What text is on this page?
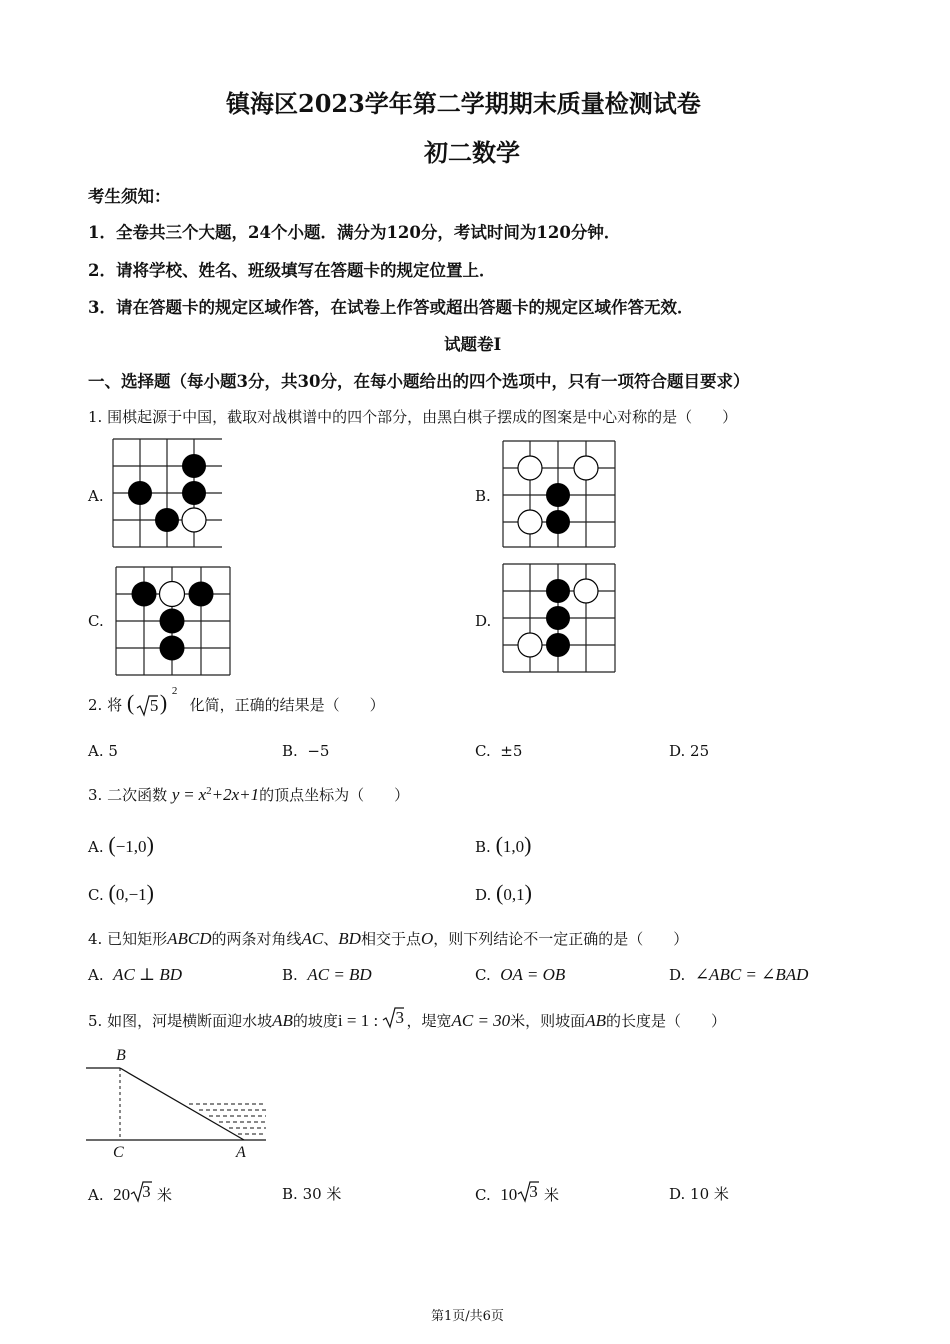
镇海区2023学年第二学期期末质量检测试卷
初二数学
考生须知：
1．全卷共三个大题，24个小题．满分为120分，考试时间为120分钟．
2．请将学校、姓名、班级填写在答题卡的规定位置上．
3．请在答题卡的规定区域作答，在试卷上作答或超出答题卡的规定区域作答无效．
试题卷I
一、选择题（每小题3分，共30分，在每小题给出的四个选项中，只有一项符合题目要求）
1. 围棋起源于中国，截取对战棋谱中的四个部分，由黑白棋子摆成的图案是中心对称的是（　　）
A.	B.
C.	D.
2. 将 ( 5 ) 2
化简，正确的结果是（　　）
A. 5	B. −5	C. ±5	D. 25
3. 二次函数 $y = x^2+2x+1$的顶点坐标为（　　）
A. (−1,0)	B. (1,0)
C. (0,−1)	D. (0,1)
4. 已知矩形ABCD的两条对角线AC、BD相交于点O，则下列结论不一定正确的是（　　）
A. AC ⊥ BD	B. AC = BD	C. OA = OB	D. ∠ABC = ∠BAD
5. 如图，河堤横断面迎水坡AB的坡度i = 1 : 3 ，堤宽AC = 30米，则坡面AB的长度是（　　）
B
C	A
A. 20 3 米	B. 30 米	C. 10 3 米	D. 10 米
第1页/共6页
